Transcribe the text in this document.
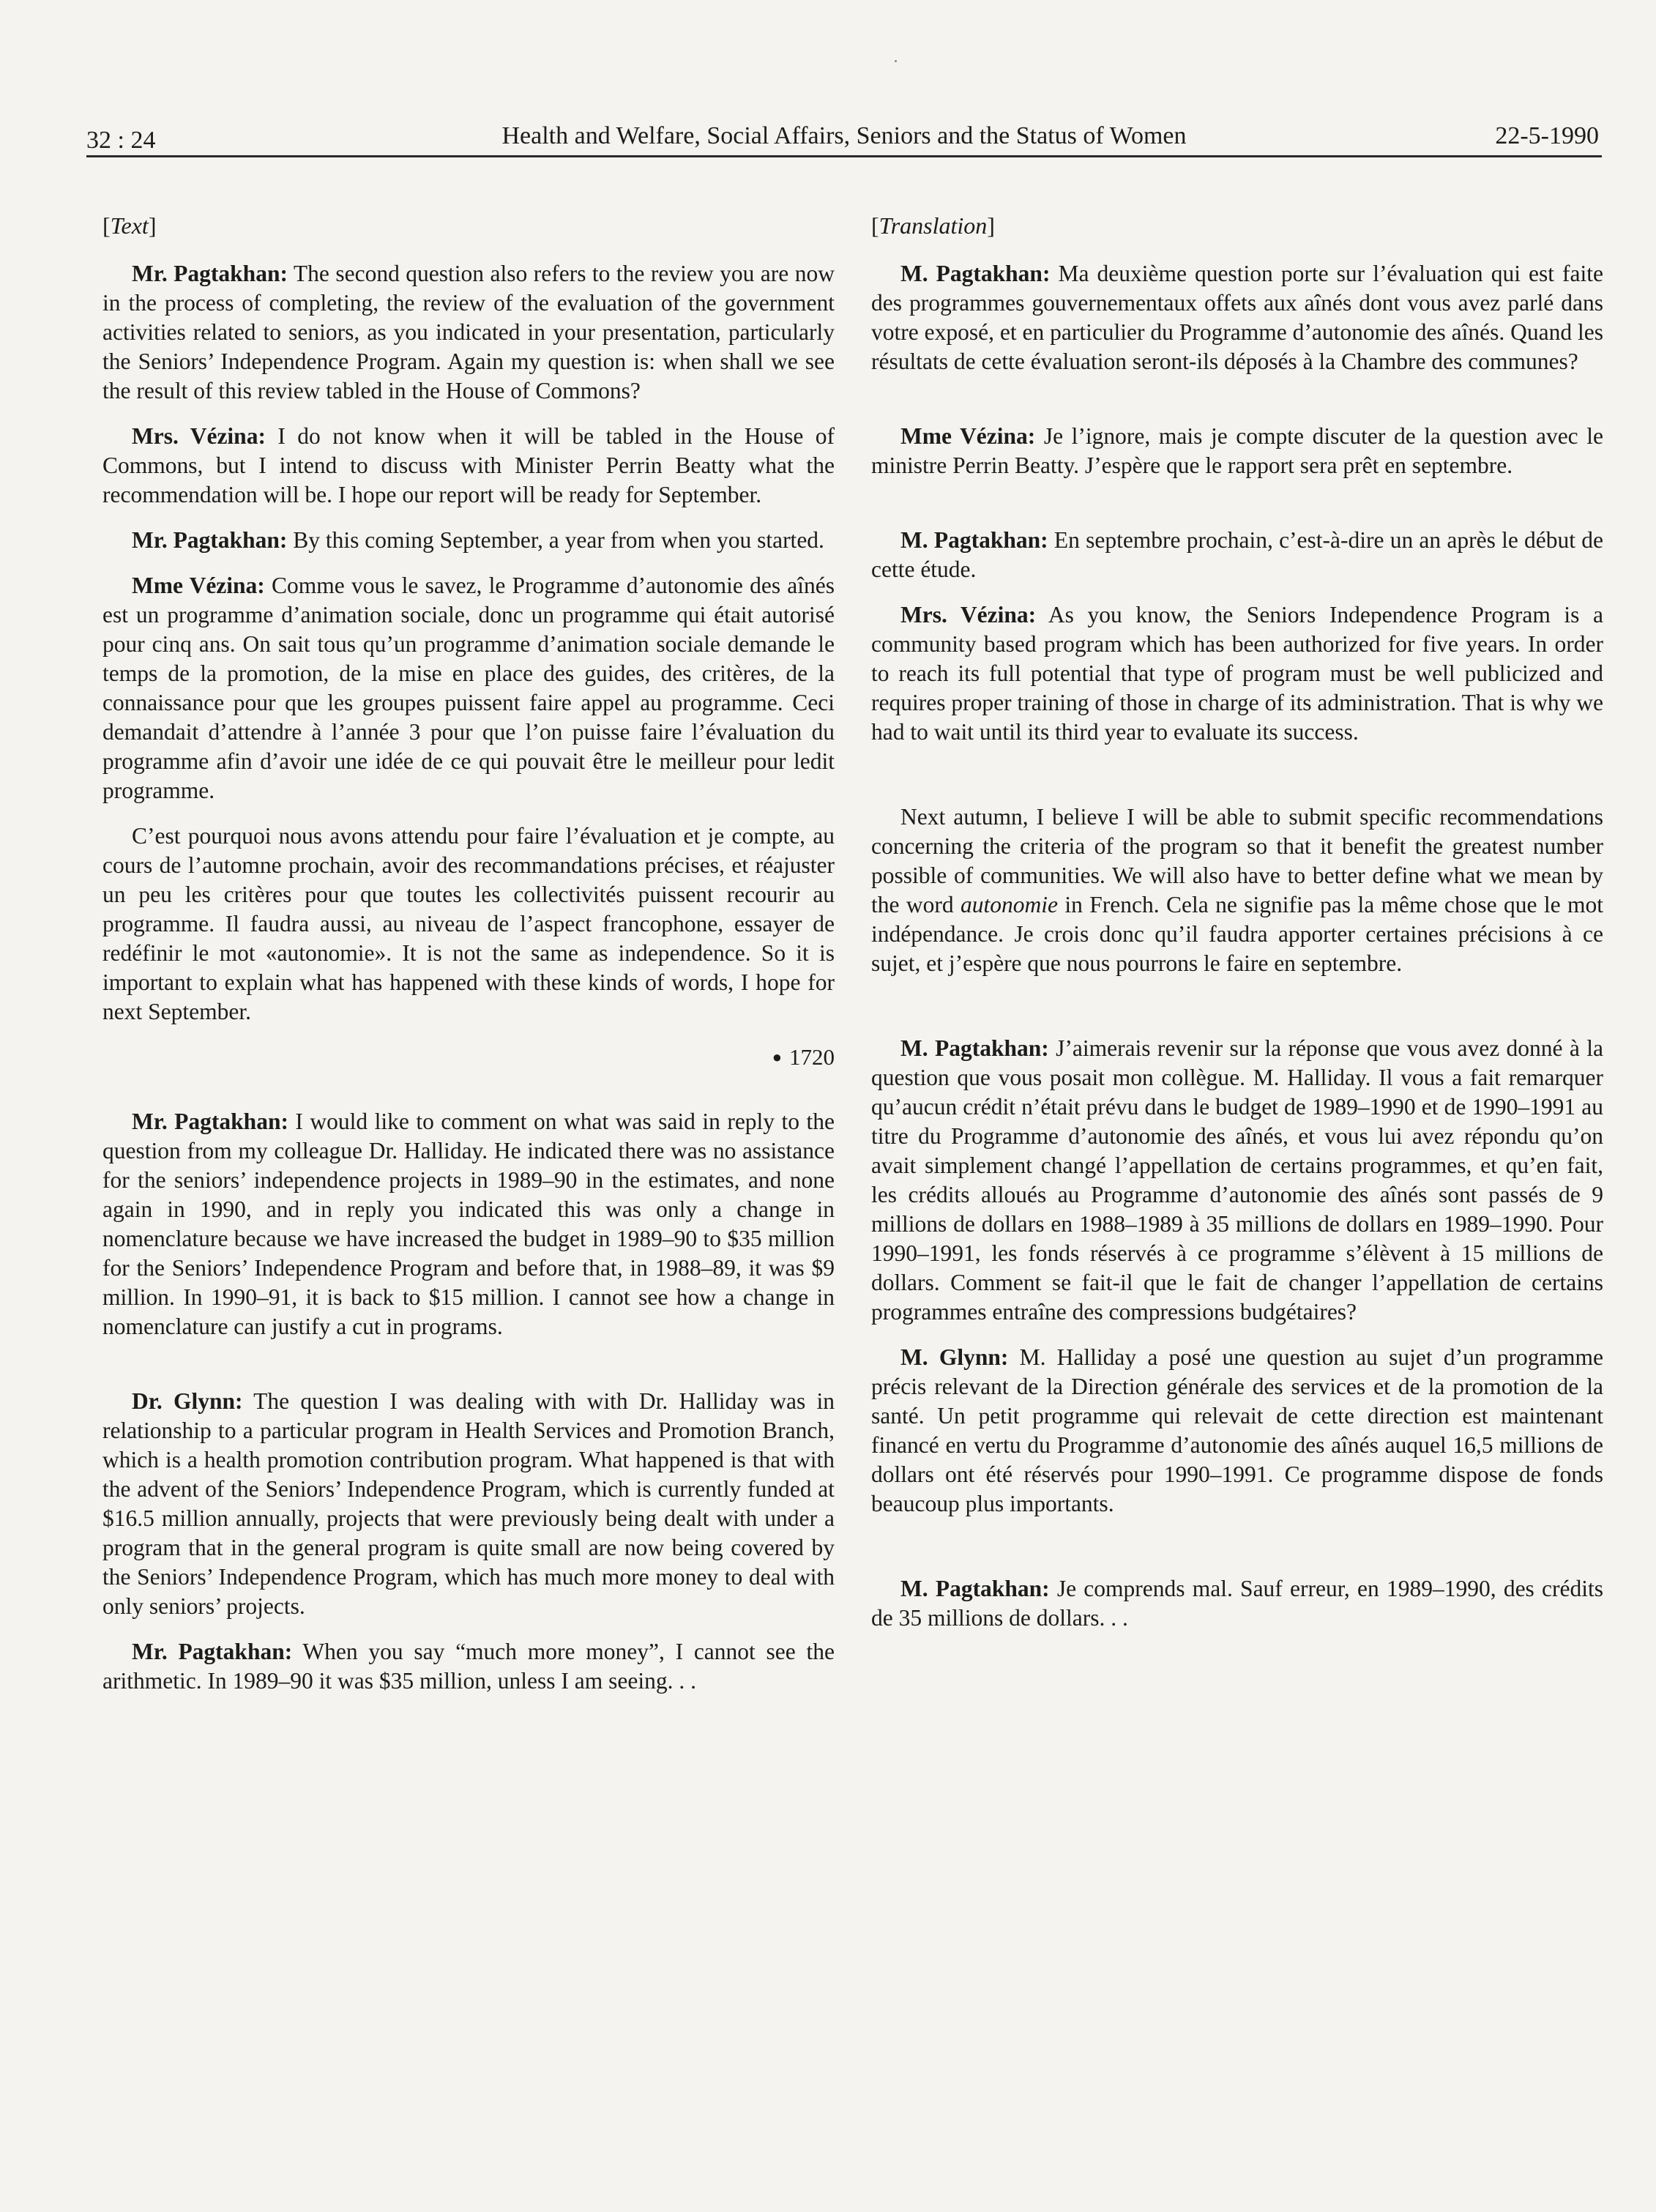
32 : 24	Health and Welfare, Social Affairs, Seniors and the Status of Women	22-5-1990
[Text]

Mr. Pagtakhan: The second question also refers to the review you are now in the process of completing, the review of the evaluation of the government activities related to seniors, as you indicated in your presentation, particularly the Seniors’ Independence Program. Again my question is: when shall we see the result of this review tabled in the House of Commons?

Mrs. Vézina: I do not know when it will be tabled in the House of Commons, but I intend to discuss with Minister Perrin Beatty what the recommendation will be. I hope our report will be ready for September.

Mr. Pagtakhan: By this coming September, a year from when you started.

Mme Vézina: Comme vous le savez, le Programme d’autonomie des aînés est un programme d’animation sociale, donc un programme qui était autorisé pour cinq ans. On sait tous qu’un programme d’animation sociale demande le temps de la promotion, de la mise en place des guides, des critères, de la connaissance pour que les groupes puissent faire appel au programme. Ceci demandait d’attendre à l’année 3 pour que l’on puisse faire l’évaluation du programme afin d’avoir une idée de ce qui pouvait être le meilleur pour ledit programme.

C’est pourquoi nous avons attendu pour faire l’évaluation et je compte, au cours de l’automne prochain, avoir des recommandations précises, et réajuster un peu les critères pour que toutes les collectivités puissent recourir au programme. Il faudra aussi, au niveau de l’aspect francophone, essayer de redéfinir le mot «autonomie». It is not the same as independence. So it is important to explain what has happened with these kinds of words, I hope for next September.

● 1720

Mr. Pagtakhan: I would like to comment on what was said in reply to the question from my colleague Dr. Halliday. He indicated there was no assistance for the seniors’ independence projects in 1989–90 in the estimates, and none again in 1990, and in reply you indicated this was only a change in nomenclature because we have increased the budget in 1989–90 to $35 million for the Seniors’ Independence Program and before that, in 1988–89, it was $9 million. In 1990–91, it is back to $15 million. I cannot see how a change in nomenclature can justify a cut in programs.

Dr. Glynn: The question I was dealing with with Dr. Halliday was in relationship to a particular program in Health Services and Promotion Branch, which is a health promotion contribution program. What happened is that with the advent of the Seniors’ Independence Program, which is currently funded at $16.5 million annually, projects that were previously being dealt with under a program that in the general program is quite small are now being covered by the Seniors’ Independence Program, which has much more money to deal with only seniors’ projects.

Mr. Pagtakhan: When you say “much more money”, I cannot see the arithmetic. In 1989–90 it was $35 million, unless I am seeing. . .

[Translation]

M. Pagtakhan: Ma deuxième question porte sur l’évaluation qui est faite des programmes gouvernementaux offets aux aînés dont vous avez parlé dans votre exposé, et en particulier du Programme d’autonomie des aînés. Quand les résultats de cette évaluation seront-ils déposés à la Chambre des communes?

Mme Vézina: Je l’ignore, mais je compte discuter de la question avec le ministre Perrin Beatty. J’espère que le rapport sera prêt en septembre.

M. Pagtakhan: En septembre prochain, c’est-à-dire un an après le début de cette étude.

Mrs. Vézina: As you know, the Seniors Independence Program is a community based program which has been authorized for five years. In order to reach its full potential that type of program must be well publicized and requires proper training of those in charge of its administration. That is why we had to wait until its third year to evaluate its success.

Next autumn, I believe I will be able to submit specific recommendations concerning the criteria of the program so that it benefit the greatest number possible of communities. We will also have to better define what we mean by the word autonomie in French. Cela ne signifie pas la même chose que le mot indépendance. Je crois donc qu’il faudra apporter certaines précisions à ce sujet, et j’espère que nous pourrons le faire en septembre.

M. Pagtakhan: J’aimerais revenir sur la réponse que vous avez donné à la question que vous posait mon collègue. M. Halliday. Il vous a fait remarquer qu’aucun crédit n’était prévu dans le budget de 1989–1990 et de 1990–1991 au titre du Programme d’autonomie des aînés, et vous lui avez répondu qu’on avait simplement changé l’appellation de certains programmes, et qu’en fait, les crédits alloués au Programme d’autonomie des aînés sont passés de 9 millions de dollars en 1988–1989 à 35 millions de dollars en 1989–1990. Pour 1990–1991, les fonds réservés à ce programme s’élèvent à 15 millions de dollars. Comment se fait-il que le fait de changer l’appellation de certains programmes entraîne des compressions budgétaires?

M. Glynn: M. Halliday a posé une question au sujet d’un programme précis relevant de la Direction générale des services et de la promotion de la santé. Un petit programme qui relevait de cette direction est maintenant financé en vertu du Programme d’autonomie des aînés auquel 16,5 millions de dollars ont été réservés pour 1990–1991. Ce programme dispose de fonds beaucoup plus importants.

M. Pagtakhan: Je comprends mal. Sauf erreur, en 1989–1990, des crédits de 35 millions de dollars. . .
